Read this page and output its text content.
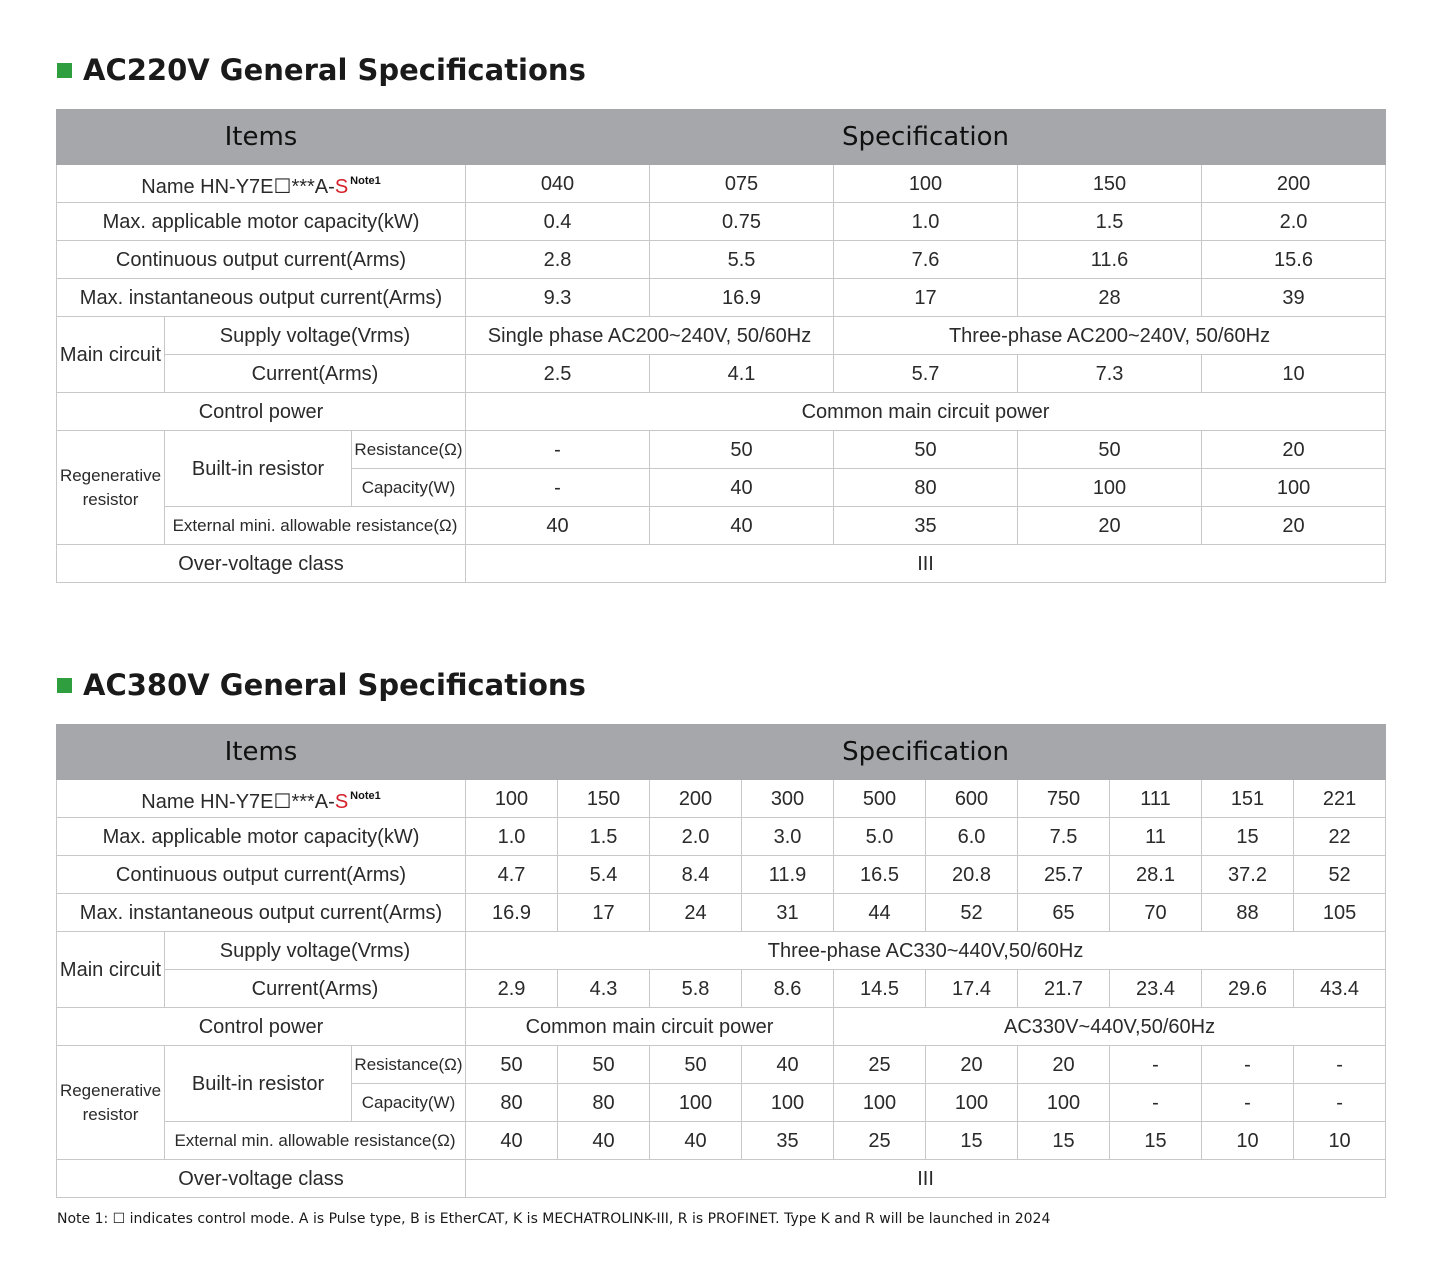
AC220V General Specifications
Items			Specification				
Name HN-Y7E☐***A-S $^{Note1}$			040	075	100	150	200
Max. applicable motor capacity(kW)			0.4	0.75	1.0	1.5	2.0
Continuous output current(Arms)			2.8	5.5	7.6	11.6	15.6
Max. instantaneous output current(Arms)			9.3	16.9	17	28	39
Main circuit	Supply voltage(Vrms)		Single phase AC200~240V, 50/60Hz		Three-phase AC200~240V, 50/60Hz		
	Current(Arms)		2.5	4.1	5.7	7.3	10
Control power			Common main circuit power				
Regenerative resistor	Built-in resistor	Resistance(Ω)	-	50	50	50	20
		Capacity(W)	-	40	80	100	100
	External mini. allowable resistance(Ω)		40	40	35	20	20
Over-voltage class			III				
AC380V General Specifications
Items			Specification									
Name HN-Y7E☐***A-S $^{Note1}$			100	150	200	300	500	600	750	111	151	221
Max. applicable motor capacity(kW)			1.0	1.5	2.0	3.0	5.0	6.0	7.5	11	15	22
Continuous output current(Arms)			4.7	5.4	8.4	11.9	16.5	20.8	25.7	28.1	37.2	52
Max. instantaneous output current(Arms)			16.9	17	24	31	44	52	65	70	88	105
Main circuit	Supply voltage(Vrms)		Three-phase AC330~440V,50/60Hz									
	Current(Arms)		2.9	4.3	5.8	8.6	14.5	17.4	21.7	23.4	29.6	43.4
Control power			Common main circuit power				AC330V~440V,50/60Hz					
Regenerative resistor	Built-in resistor	Resistance(Ω)	50	50	50	40	25	20	20	-	-	-
		Capacity(W)	80	80	100	100	100	100	100	-	-	-
	External min. allowable resistance(Ω)		40	40	40	35	25	15	15	15	10	10
Over-voltage class			III									
Note 1: ☐ indicates control mode. A is Pulse type, B is EtherCAT, K is MECHATROLINK-III, R is PROFINET. Type K and R will be launched in 2024
